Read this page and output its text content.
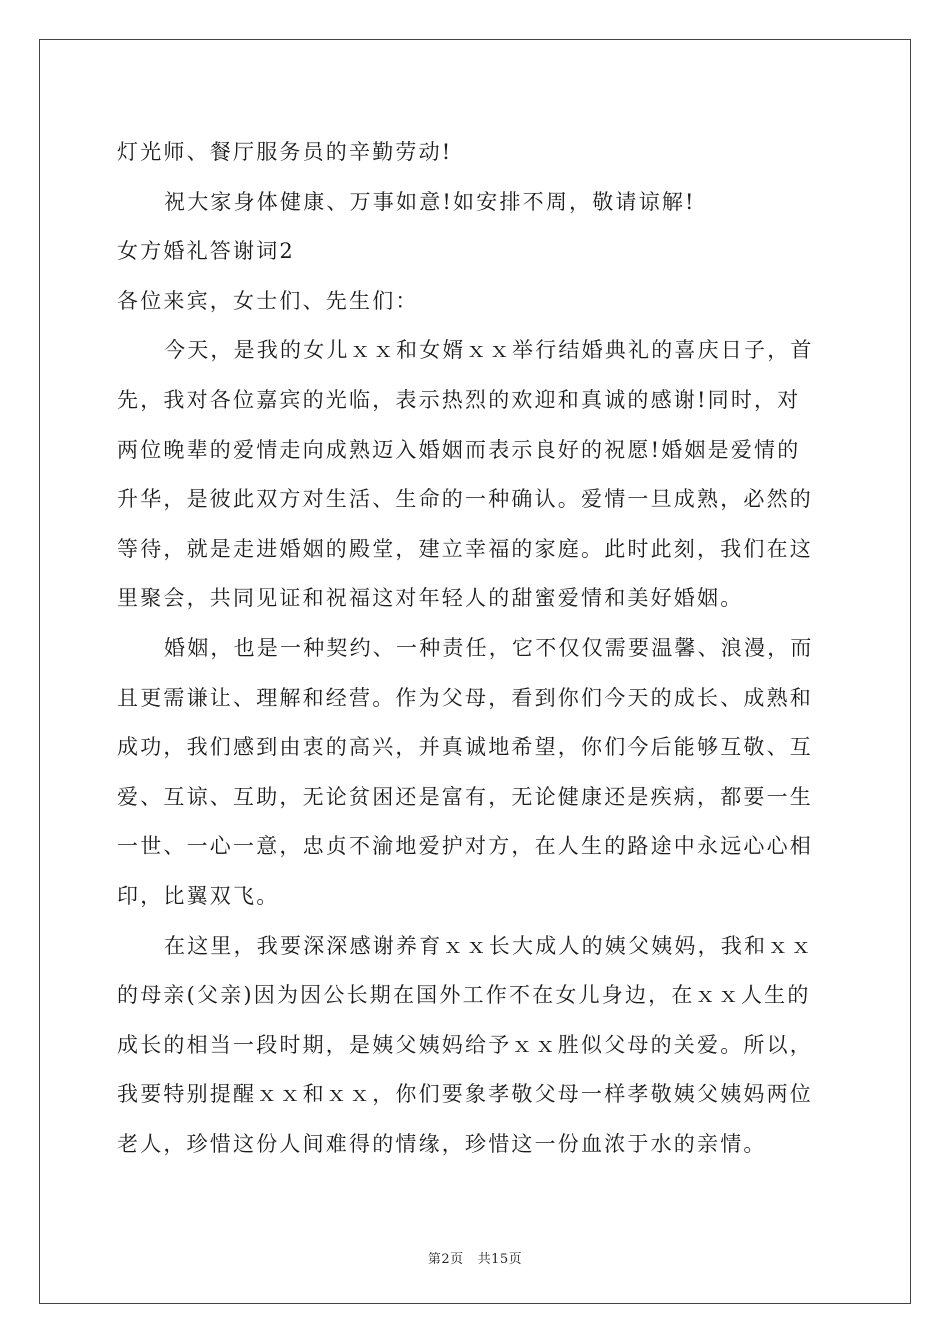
灯光师、餐厅服务员的辛勤劳动!
祝大家身体健康、万事如意!如安排不周，敬请谅解!
女方婚礼答谢词2
各位来宾，女士们、先生们：
今天，是我的女儿ｘｘ和女婿ｘｘ举行结婚典礼的喜庆日子，首
先，我对各位嘉宾的光临，表示热烈的欢迎和真诚的感谢!同时，对
两位晚辈的爱情走向成熟迈入婚姻而表示良好的祝愿!婚姻是爱情的
升华，是彼此双方对生活、生命的一种确认。爱情一旦成熟，必然的
等待，就是走进婚姻的殿堂，建立幸福的家庭。此时此刻，我们在这
里聚会，共同见证和祝福这对年轻人的甜蜜爱情和美好婚姻。
婚姻，也是一种契约、一种责任，它不仅仅需要温馨、浪漫，而
且更需谦让、理解和经营。作为父母，看到你们今天的成长、成熟和
成功，我们感到由衷的高兴，并真诚地希望，你们今后能够互敬、互
爱、互谅、互助，无论贫困还是富有，无论健康还是疾病，都要一生
一世、一心一意，忠贞不渝地爱护对方，在人生的路途中永远心心相
印，比翼双飞。
在这里，我要深深感谢养育ｘｘ长大成人的姨父姨妈，我和ｘｘ
的母亲(父亲)因为因公长期在国外工作不在女儿身边，在ｘｘ人生的
成长的相当一段时期，是姨父姨妈给予ｘｘ胜似父母的关爱。所以，
我要特别提醒ｘｘ和ｘｘ，你们要象孝敬父母一样孝敬姨父姨妈两位
老人，珍惜这份人间难得的情缘，珍惜这一份血浓于水的亲情。
第2页 共15页
